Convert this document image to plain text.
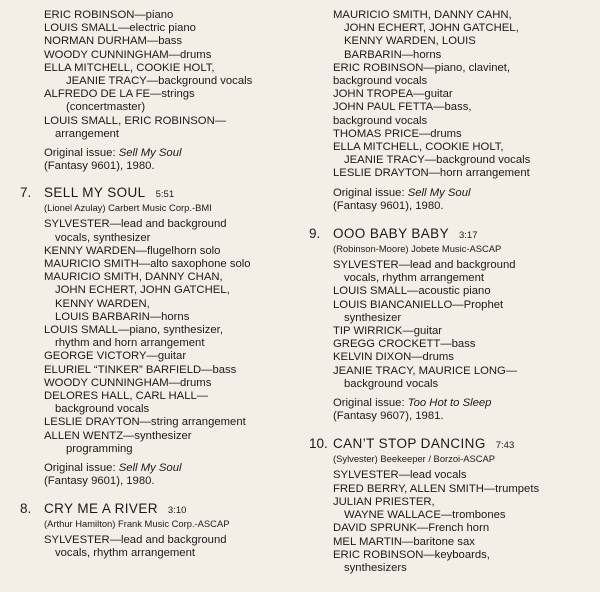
ERIC ROBINSON—piano
LOUIS SMALL—electric piano
NORMAN DURHAM—bass
WOODY CUNNINGHAM—drums
ELLA MITCHELL, COOKIE HOLT,
JEANIE TRACY—background vocals
ALFREDO DE LA FE—strings
(concertmaster)
LOUIS SMALL, ERIC ROBINSON—
arrangement
Original issue: Sell My Soul
(Fantasy 9601), 1980.
7. SELL MY SOUL 5:51
(Lionel Azulay) Carbert Music Corp.-BMI
SYLVESTER—lead and background
vocals, synthesizer
KENNY WARDEN—flugelhorn solo
MAURICIO SMITH—alto saxophone solo
MAURICIO SMITH, DANNY CHAN,
JOHN ECHERT, JOHN GATCHEL,
KENNY WARDEN,
LOUIS BARBARIN—horns
LOUIS SMALL—piano, synthesizer,
rhythm and horn arrangement
GEORGE VICTORY—guitar
ELURIEL “TINKER” BARFIELD—bass
WOODY CUNNINGHAM—drums
DELORES HALL, CARL HALL—
background vocals
LESLIE DRAYTON—string arrangement
ALLEN WENTZ—synthesizer
programming
Original issue: Sell My Soul
(Fantasy 9601), 1980.
8. CRY ME A RIVER 3:10
(Arthur Hamilton) Frank Music Corp.-ASCAP
SYLVESTER—lead and background
vocals, rhythm arrangement
MAURICIO SMITH, DANNY CAHN,
JOHN ECHERT, JOHN GATCHEL,
KENNY WARDEN, LOUIS
BARBARIN—horns
ERIC ROBINSON—piano, clavinet,
background vocals
JOHN TROPEA—guitar
JOHN PAUL FETTA—bass,
background vocals
THOMAS PRICE—drums
ELLA MITCHELL, COOKIE HOLT,
JEANIE TRACY—background vocals
LESLIE DRAYTON—horn arrangement
Original issue: Sell My Soul
(Fantasy 9601), 1980.
9. OOO BABY BABY 3:17
(Robinson-Moore) Jobete Music-ASCAP
SYLVESTER—lead and background
vocals, rhythm arrangement
LOUIS SMALL—acoustic piano
LOUIS BIANCANIELLO—Prophet
synthesizer
TIP WIRRICK—guitar
GREGG CROCKETT—bass
KELVIN DIXON—drums
JEANIE TRACY, MAURICE LONG—
background vocals
Original issue: Too Hot to Sleep
(Fantasy 9607), 1981.
10. CAN’T STOP DANCING 7:43
(Sylvester) Beekeeper / Borzoi-ASCAP
SYLVESTER—lead vocals
FRED BERRY, ALLEN SMITH—trumpets
JULIAN PRIESTER,
WAYNE WALLACE—trombones
DAVID SPRUNK—French horn
MEL MARTIN—baritone sax
ERIC ROBINSON—keyboards,
synthesizers
